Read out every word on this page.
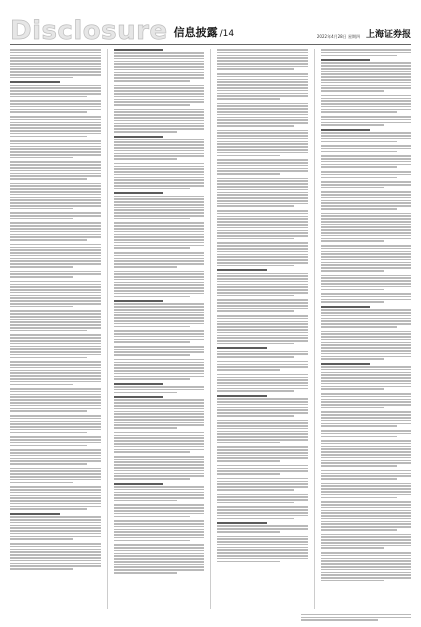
Disclosure 信息披露 /14	2022年4月28日 星期四 上海证券报
